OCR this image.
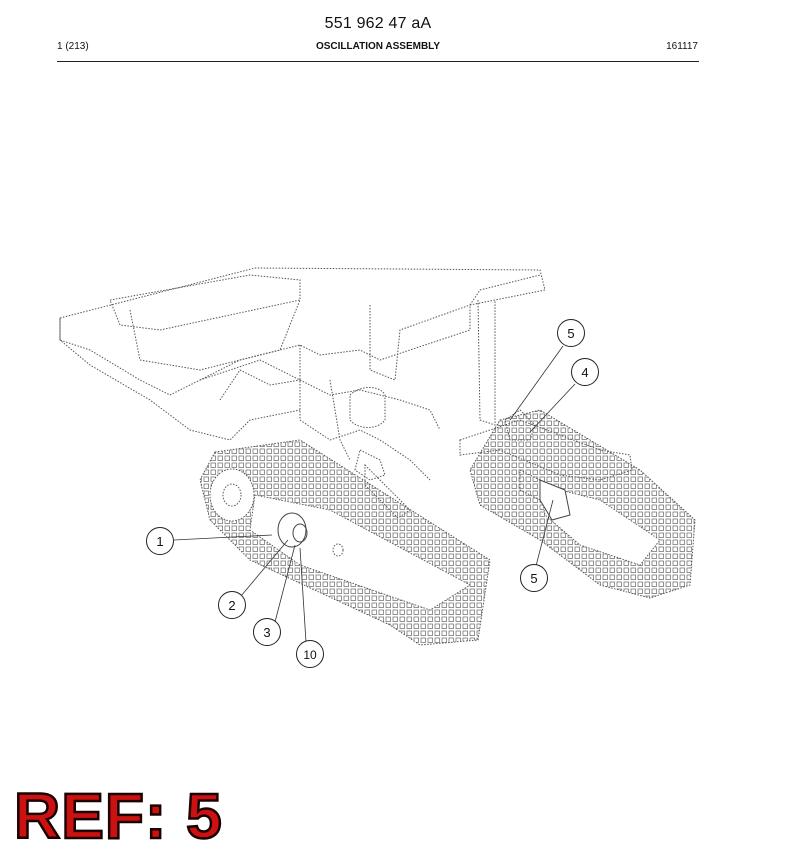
551 962 47 aA
1 (213)	OSCILLATION ASSEMBLY	161117
1
2
3
10
4
5
5
REF: 5
